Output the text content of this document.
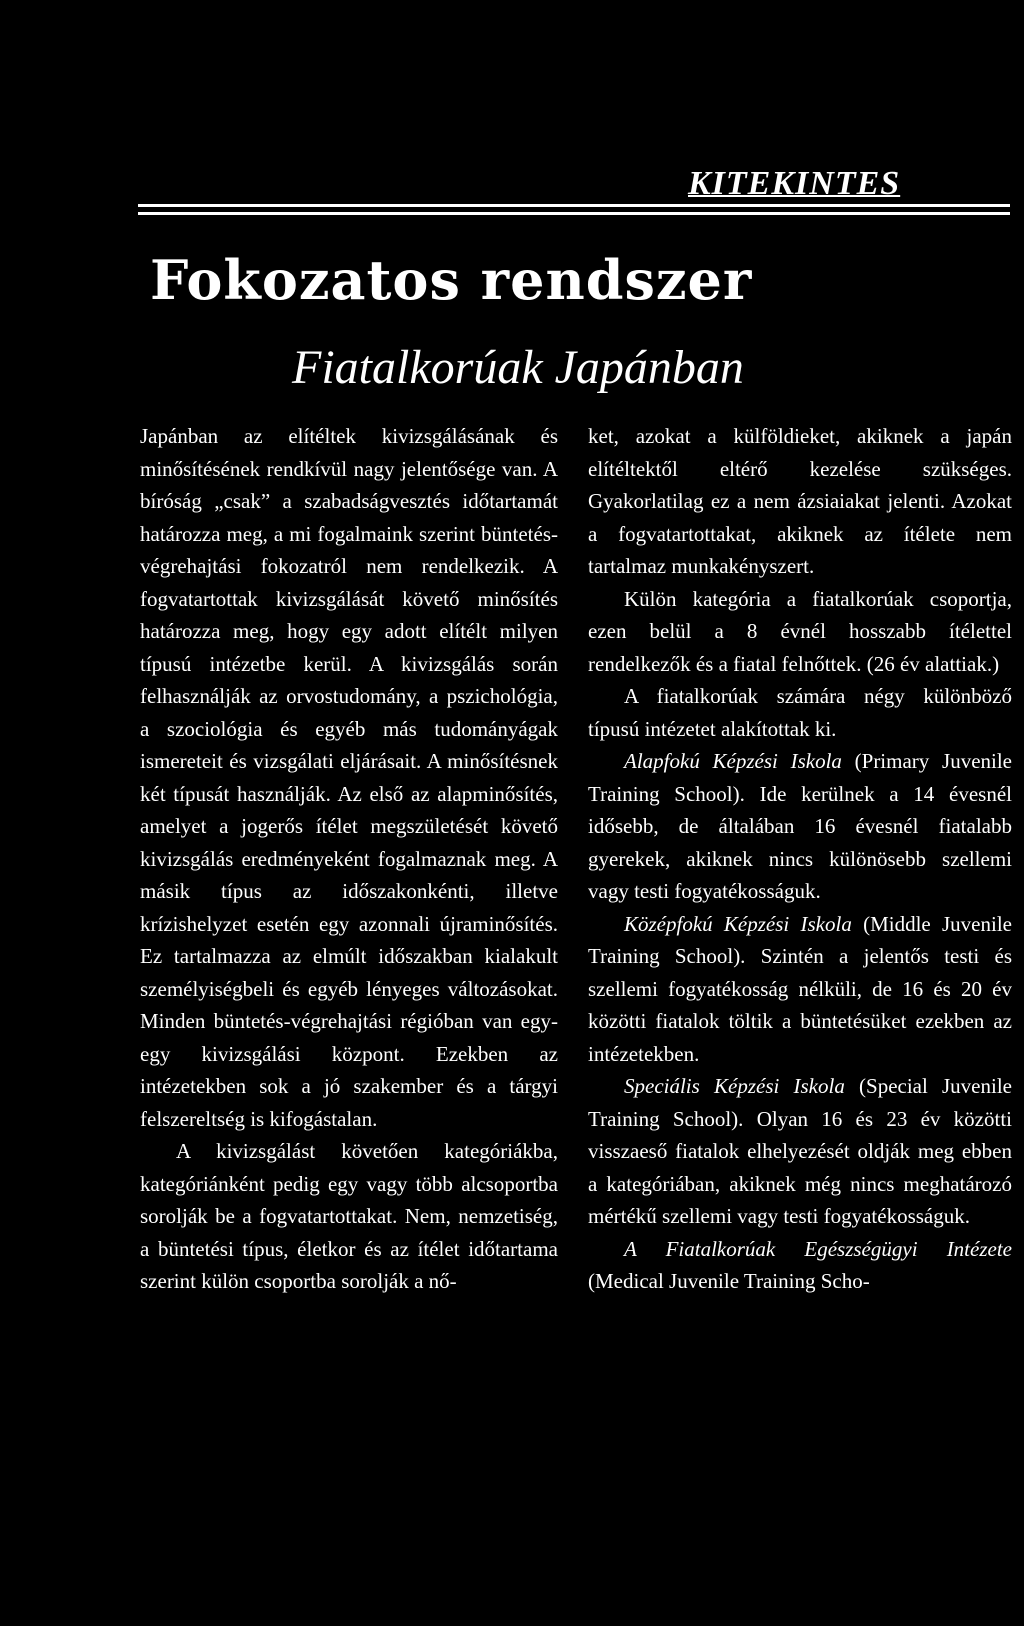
KITEKINTES
Fokozatos rendszer
Fiatalkorúak Japánban

Japánban az elítéltek kivizsgálásának és minősítésének rendkívül nagy jelentősége van. A bíróság „csak” a szabadságvesztés időtartamát határozza meg, a mi fogalmaink szerint büntetés-végrehajtási fokozatról nem rendelkezik. A fogvatartottak kivizsgálását követő minősítés határozza meg, hogy egy adott elítélt milyen típusú intézetbe kerül. A kivizsgálás során felhasználják az orvostudomány, a pszichológia, a szociológia és egyéb más tudományágak ismereteit és vizsgálati eljárásait. A minősítésnek két típusát használják. Az első az alapminősítés, amelyet a jogerős ítélet megszületését követő kivizsgálás eredményeként fogalmaznak meg. A másik típus az időszakonkénti, illetve krízishelyzet esetén egy azonnali újraminősítés. Ez tartalmazza az elmúlt időszakban kialakult személyiségbeli és egyéb lényeges változásokat. Minden büntetés-végrehajtási régióban van egy-egy kivizsgálási központ. Ezekben az intézetekben sok a jó szakember és a tárgyi felszereltség is kifogástalan.

A kivizsgálást követően kategóriákba, kategóriánként pedig egy vagy több alcsoportba sorolják be a fogvatartottakat. Nem, nemzetiség, a büntetési típus, életkor és az ítélet időtartama szerint külön csoportba sorolják a nő-

ket, azokat a külföldieket, akiknek a japán elítéltektől eltérő kezelése szükséges. Gyakorlatilag ez a nem ázsiaiakat jelenti. Azokat a fogvatartottakat, akiknek az ítélete nem tartalmaz munkakényszert.

Külön kategória a fiatalkorúak csoportja, ezen belül a 8 évnél hosszabb ítélettel rendelkezők és a fiatal felnőttek. (26 év alattiak.)

A fiatalkorúak számára négy különböző típusú intézetet alakítottak ki.

Alapfokú Képzési Iskola (Primary Juvenile Training School). Ide kerülnek a 14 évesnél idősebb, de általában 16 évesnél fiatalabb gyerekek, akiknek nincs különösebb szellemi vagy testi fogyatékosságuk.

Középfokú Képzési Iskola (Middle Juvenile Training School). Szintén a jelentős testi és szellemi fogyatékosság nélküli, de 16 és 20 év közötti fiatalok töltik a büntetésüket ezekben az intézetekben.

Speciális Képzési Iskola (Special Juvenile Training School). Olyan 16 és 23 év közötti visszaeső fiatalok elhelyezését oldják meg ebben a kategóriában, akiknek még nincs meghatározó mértékű szellemi vagy testi fogyatékosságuk.

A Fiatalkorúak Egészségügyi Intézete (Medical Juvenile Training Scho-
